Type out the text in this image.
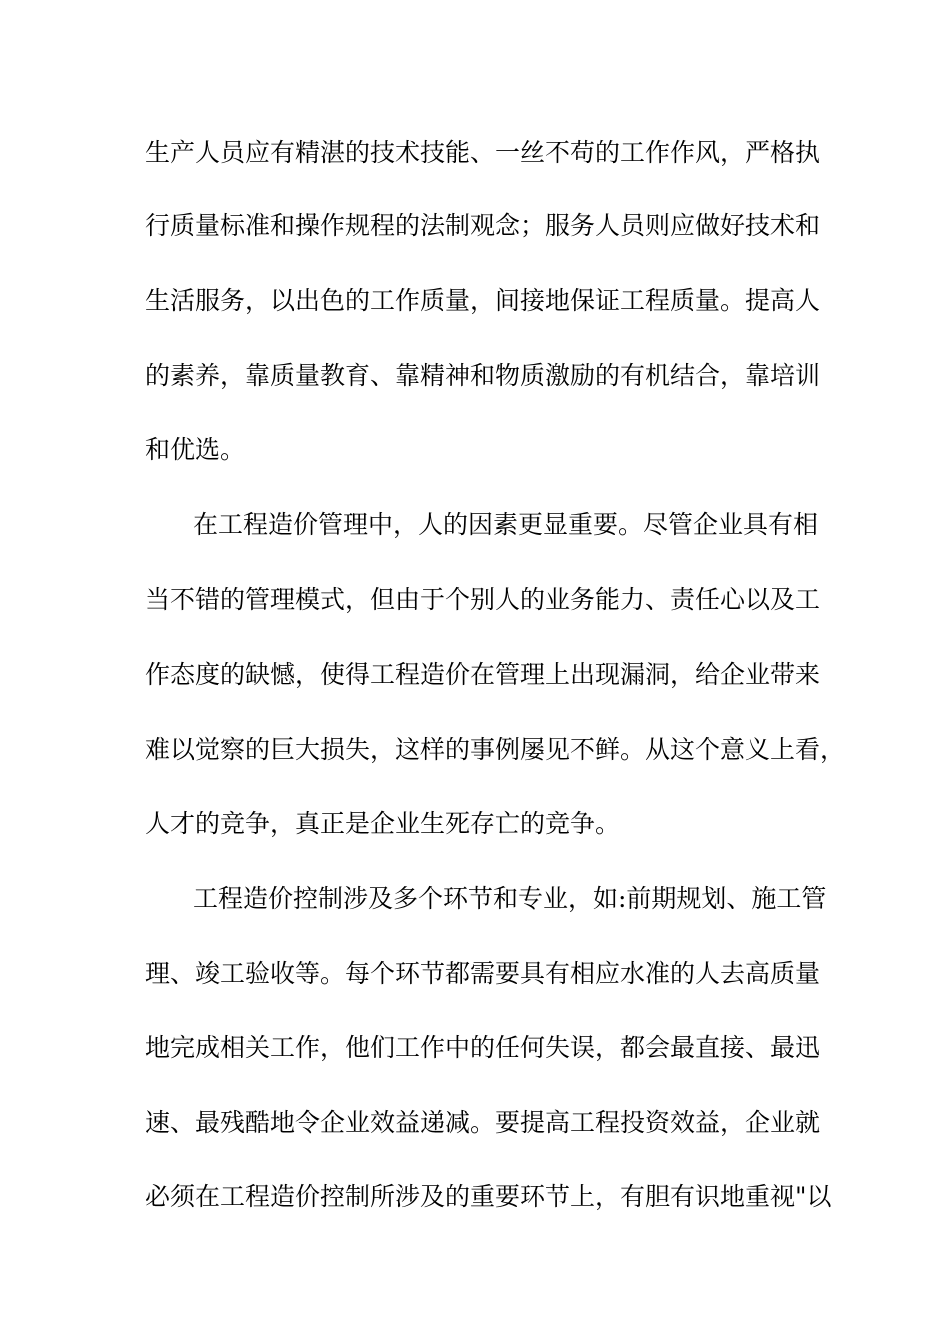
生产人员应有精湛的技术技能、一丝不苟的工作作风，严格执
行质量标准和操作规程的法制观念；服务人员则应做好技术和
生活服务，以出色的工作质量，间接地保证工程质量。提高人
的素养，靠质量教育、靠精神和物质激励的有机结合，靠培训
和优选。
在工程造价管理中，人的因素更显重要。尽管企业具有相
当不错的管理模式，但由于个别人的业务能力、责任心以及工
作态度的缺憾，使得工程造价在管理上出现漏洞，给企业带来
难以觉察的巨大损失，这样的事例屡见不鲜。从这个意义上看，
人才的竞争，真正是企业生死存亡的竞争。
工程造价控制涉及多个环节和专业，如:前期规划、施工管
理、竣工验收等。每个环节都需要具有相应水准的人去高质量
地完成相关工作，他们工作中的任何失误，都会最直接、最迅
速、最残酷地令企业效益递减。要提高工程投资效益，企业就
必须在工程造价控制所涉及的重要环节上，有胆有识地重视"以
